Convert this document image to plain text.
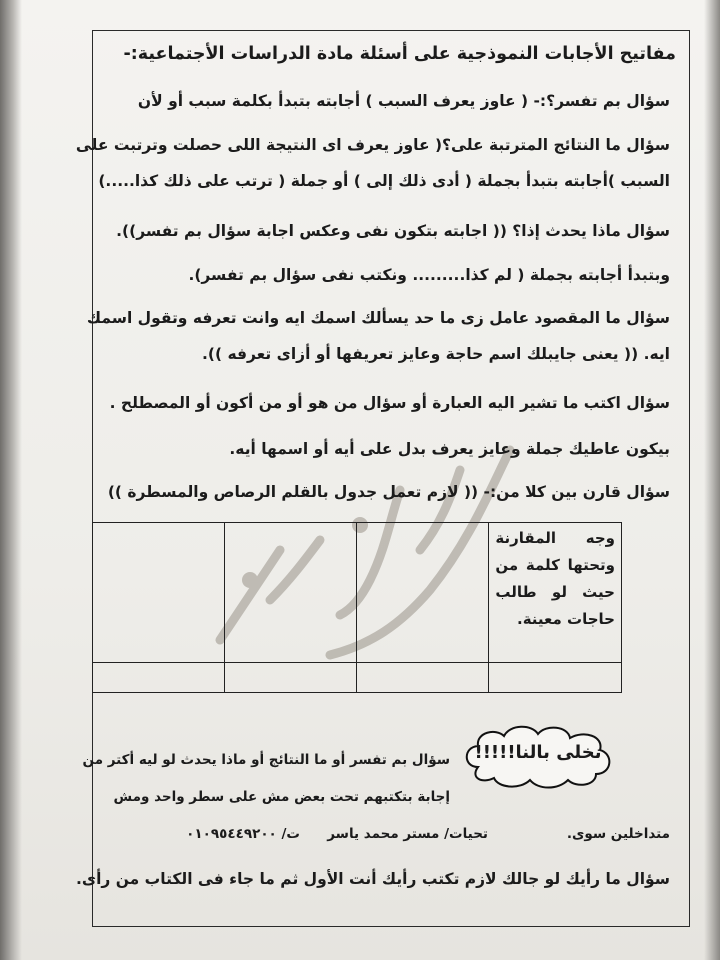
مفاتيح الأجابات النموذجية على أسئلة مادة الدراسات الأجتماعية:-
سؤال بم تفسر؟:- ( عاوز يعرف السبب ) أجابته بتبدأ بكلمة سبب أو لأن
سؤال ما النتائج المترتبة على؟( عاوز يعرف اى النتيجة اللى حصلت وترتبت على
السبب )أجابته بتبدأ بجملة ( أدى ذلك إلى ) أو جملة ( ترتب على ذلك كذا.....)
سؤال ماذا يحدث إذا؟ (( اجابته بتكون نفى وعكس اجابة سؤال بم تفسر)).
وبتبدأ أجابته بجملة ( لم كذا......... ونكتب نفى سؤال بم تفسر).
سؤال ما المقصود عامل زى ما حد يسألك اسمك ايه وانت تعرفه وتقول اسمك
ايه. (( يعنى جايبلك اسم حاجة وعايز تعريفها أو أزاى تعرفه )).
سؤال اكتب ما تشير اليه العبارة أو سؤال من هو أو من أكون أو المصطلح .
بيكون عاطيك جملة وعايز يعرف بدل على أيه أو اسمها أيه.
سؤال قارن بين كلا من:- (( لازم تعمل جدول بالقلم الرصاص والمسطرة ))
وجه المقارنة وتحتها كلمة من حيث لو طالب حاجات معينة.			

نخلى بالنا!!!!!
سؤال بم تفسر أو ما النتائج أو ماذا يحدث لو ليه أكتر من
إجابة بتكتبهم تحت بعض مش على سطر واحد ومش
متداخلين سوى.
تحيات/ مستر محمد ياسر
ت/ ٠١٠٩٥٤٤٩٢٠٠
سؤال ما رأيك لو جالك لازم تكتب رأيك أنت الأول ثم ما جاء فى الكتاب من رأى.
